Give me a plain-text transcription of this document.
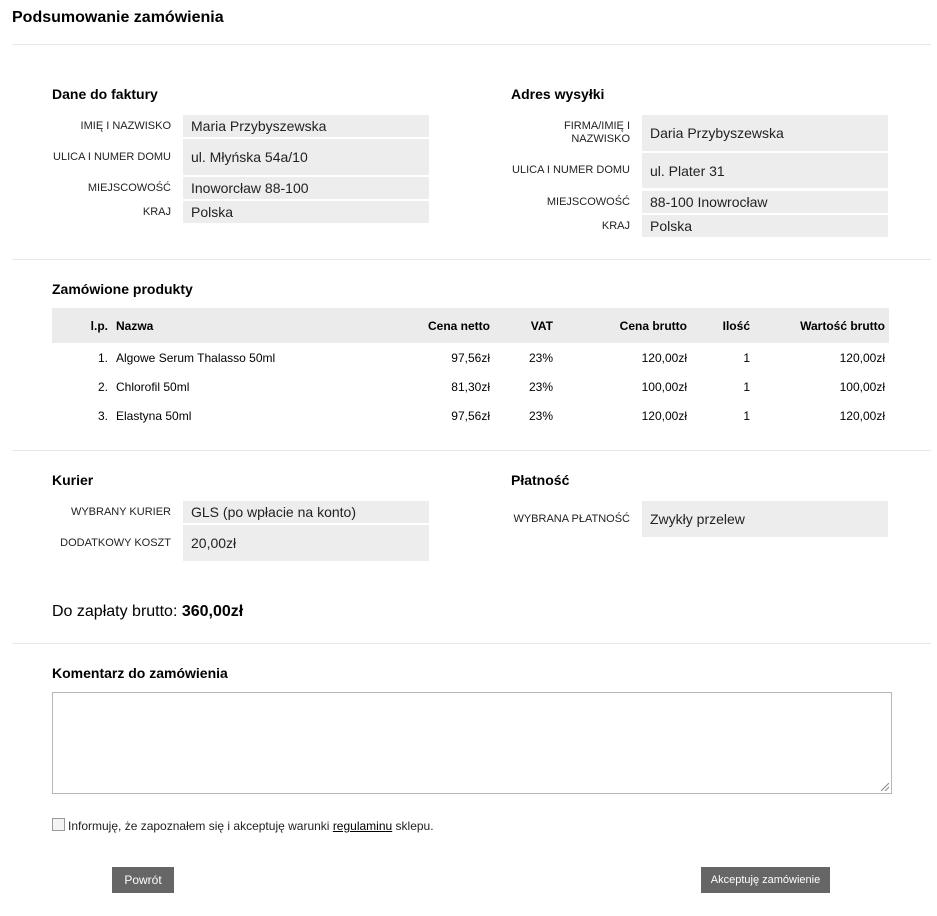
Podsumowanie zamówienia
Dane do faktury
IMIĘ I NAZWISKO	Maria Przybyszewska
ULICA I NUMER DOMU	ul. Młyńska 54a/10
MIEJSCOWOŚĆ	Inoworcław 88-100
KRAJ	Polska
Adres wysyłki
FIRMA/IMIĘ I NAZWISKO	Daria Przybyszewska
ULICA I NUMER DOMU	ul. Plater 31
MIEJSCOWOŚĆ	88-100 Inowrocław
KRAJ	Polska
Zamówione produkty
l.p.	Nazwa	Cena netto	VAT	Cena brutto	Ilość	Wartość brutto
1.	Algowe Serum Thalasso 50ml	97,56zł	23%	120,00zł	1	120,00zł
2.	Chlorofil 50ml	81,30zł	23%	100,00zł	1	100,00zł
3.	Elastyna 50ml	97,56zł	23%	120,00zł	1	120,00zł
Kurier
WYBRANY KURIER	GLS (po wpłacie na konto)
DODATKOWY KOSZT	20,00zł
Płatność
WYBRANA PŁATNOŚĆ	Zwykły przelew
Do zapłaty brutto: 360,00zł
Komentarz do zamówienia
Informuję, że zapoznałem się i akceptuję warunki regulaminu sklepu.
Powrót	Akceptuję zamówienie
